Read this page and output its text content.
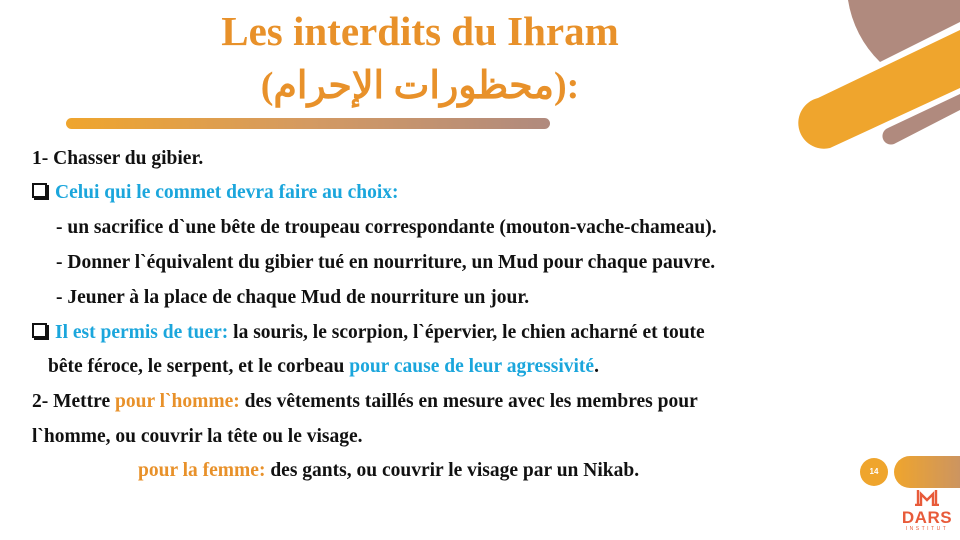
Les interdits du Ihram
(محظورات الإحرام):
1- Chasser du gibier.
Celui qui le commet devra faire au choix:
- un sacrifice d`une bête de troupeau correspondante (mouton-vache-chameau).
- Donner l`équivalent du gibier tué en nourriture, un Mud pour chaque pauvre.
- Jeuner à la place de chaque Mud de nourriture un jour.
Il est permis de tuer: la souris, le scorpion, l`épervier, le chien acharné et toute
bête féroce, le serpent, et le corbeau pour cause de leur agressivité.
2- Mettre pour l`homme: des vêtements taillés en mesure avec les membres pour
l`homme, ou couvrir la tête ou le visage.
pour la femme: des gants, ou couvrir le visage par un Nikab.	14
DARS
INSTITUT
